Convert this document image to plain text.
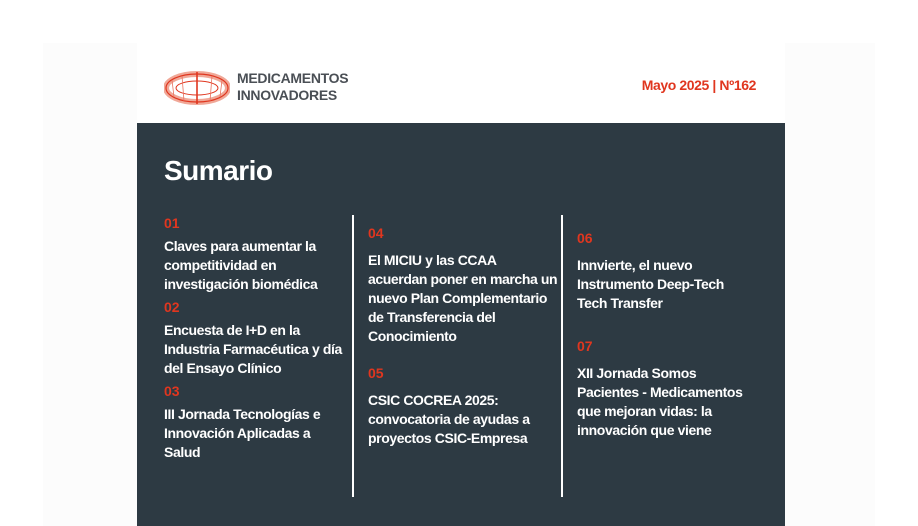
MEDICAMENTOS
INNOVADORES
Mayo 2025 | Nº162
Sumario
01
Claves para aumentar la competitividad en investigación biomédica
02
Encuesta de I+D en la Industria Farmacéutica y día del Ensayo Clínico
03
III Jornada Tecnologías e Innovación Aplicadas a Salud
04
El MICIU y las CCAA acuerdan poner en marcha un nuevo Plan Complementario de Transferencia del Conocimiento
05
CSIC COCREA 2025: convocatoria de ayudas a proyectos CSIC-Empresa
06
Innvierte, el nuevo Instrumento Deep-Tech Tech Transfer
07
XII Jornada Somos Pacientes - Medicamentos que mejoran vidas: la innovación que viene
